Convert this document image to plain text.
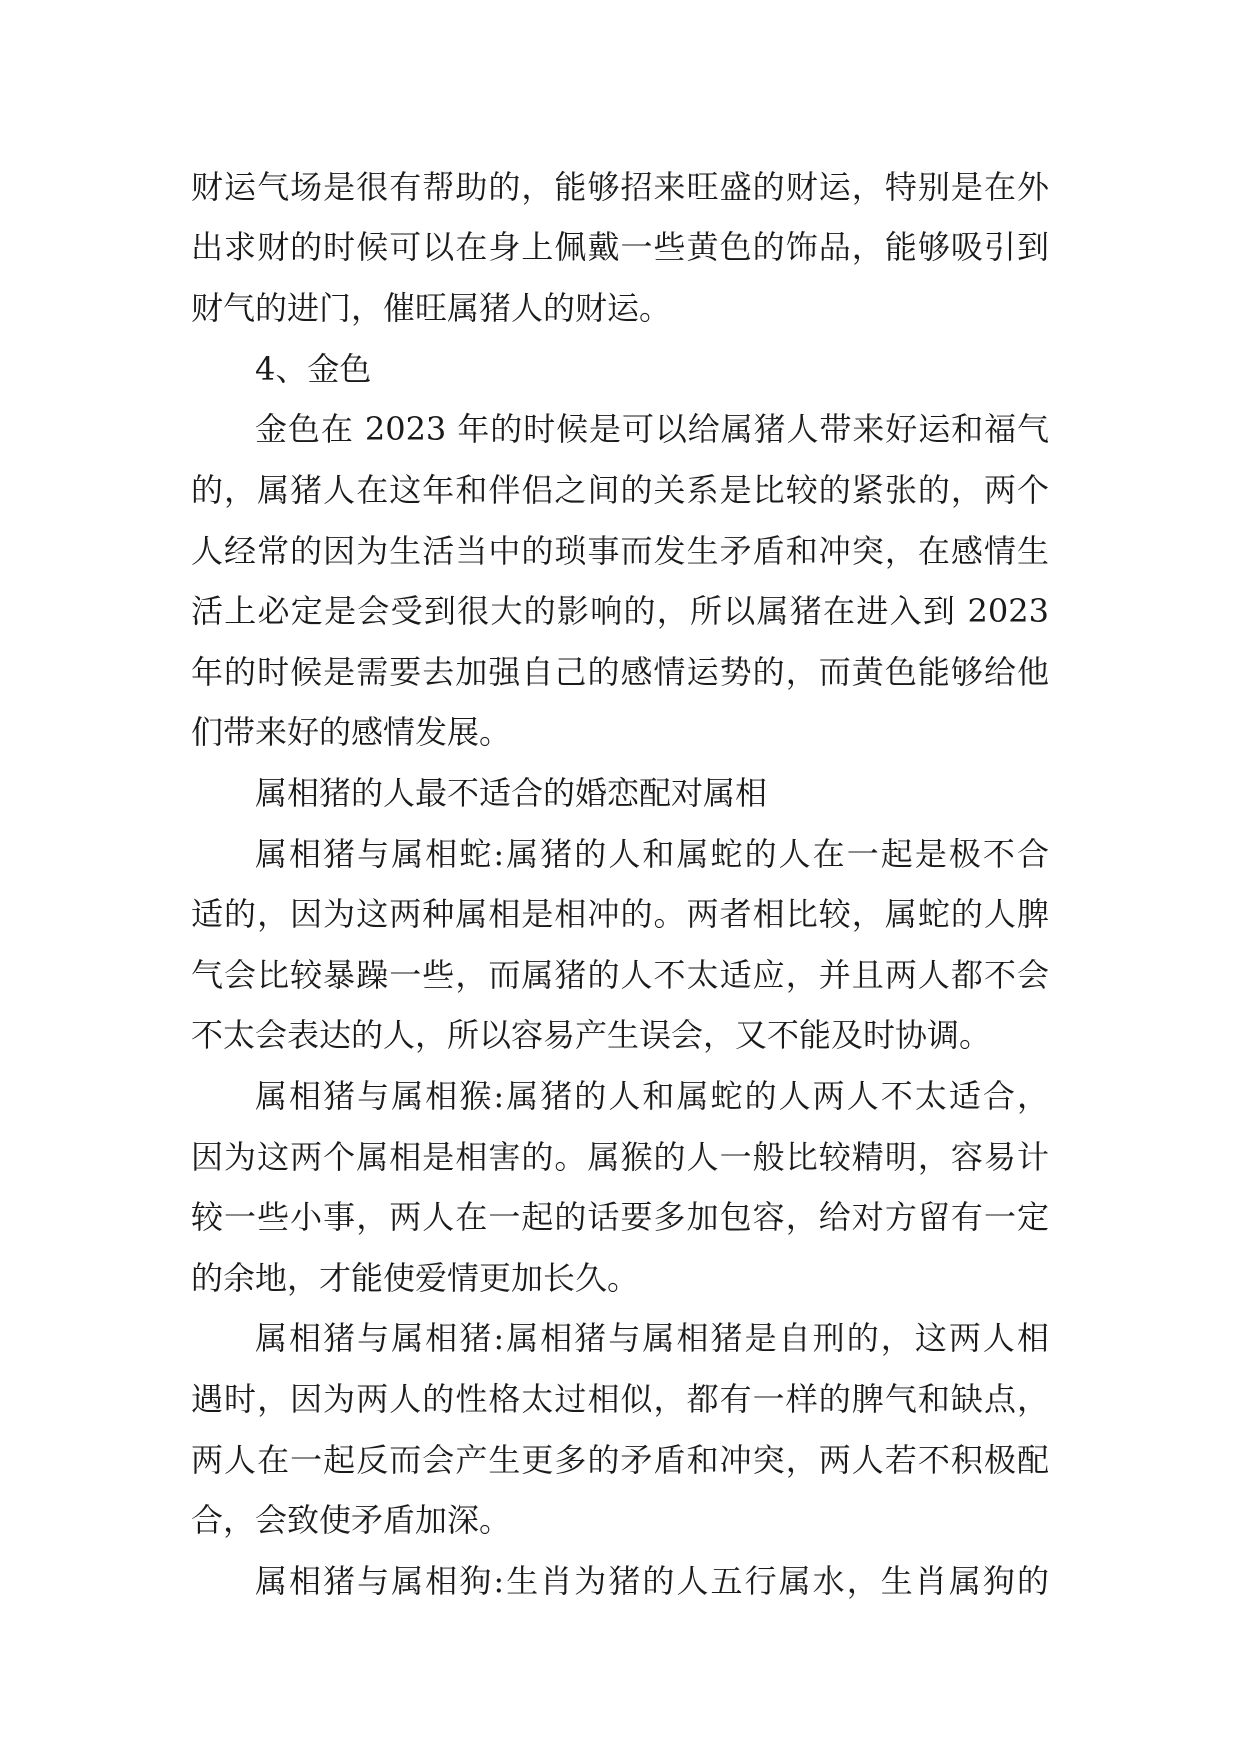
财运气场是很有帮助的，能够招来旺盛的财运，特别是在外

出求财的时候可以在身上佩戴一些黄色的饰品，能够吸引到

财气的进门，催旺属猪人的财运。

4、金色

金色在 2023 年的时候是可以给属猪人带来好运和福气

的，属猪人在这年和伴侣之间的关系是比较的紧张的，两个

人经常的因为生活当中的琐事而发生矛盾和冲突，在感情生

活上必定是会受到很大的影响的，所以属猪在进入到 2023

年的时候是需要去加强自己的感情运势的，而黄色能够给他

们带来好的感情发展。

属相猪的人最不适合的婚恋配对属相

属相猪与属相蛇:属猪的人和属蛇的人在一起是极不合

适的，因为这两种属相是相冲的。两者相比较，属蛇的人脾

气会比较暴躁一些，而属猪的人不太适应，并且两人都不会

不太会表达的人，所以容易产生误会，又不能及时协调。

属相猪与属相猴:属猪的人和属蛇的人两人不太适合，

因为这两个属相是相害的。属猴的人一般比较精明，容易计

较一些小事，两人在一起的话要多加包容，给对方留有一定

的余地，才能使爱情更加长久。

属相猪与属相猪:属相猪与属相猪是自刑的，这两人相

遇时，因为两人的性格太过相似，都有一样的脾气和缺点，

两人在一起反而会产生更多的矛盾和冲突，两人若不积极配

合，会致使矛盾加深。

属相猪与属相狗:生肖为猪的人五行属水，生肖属狗的
